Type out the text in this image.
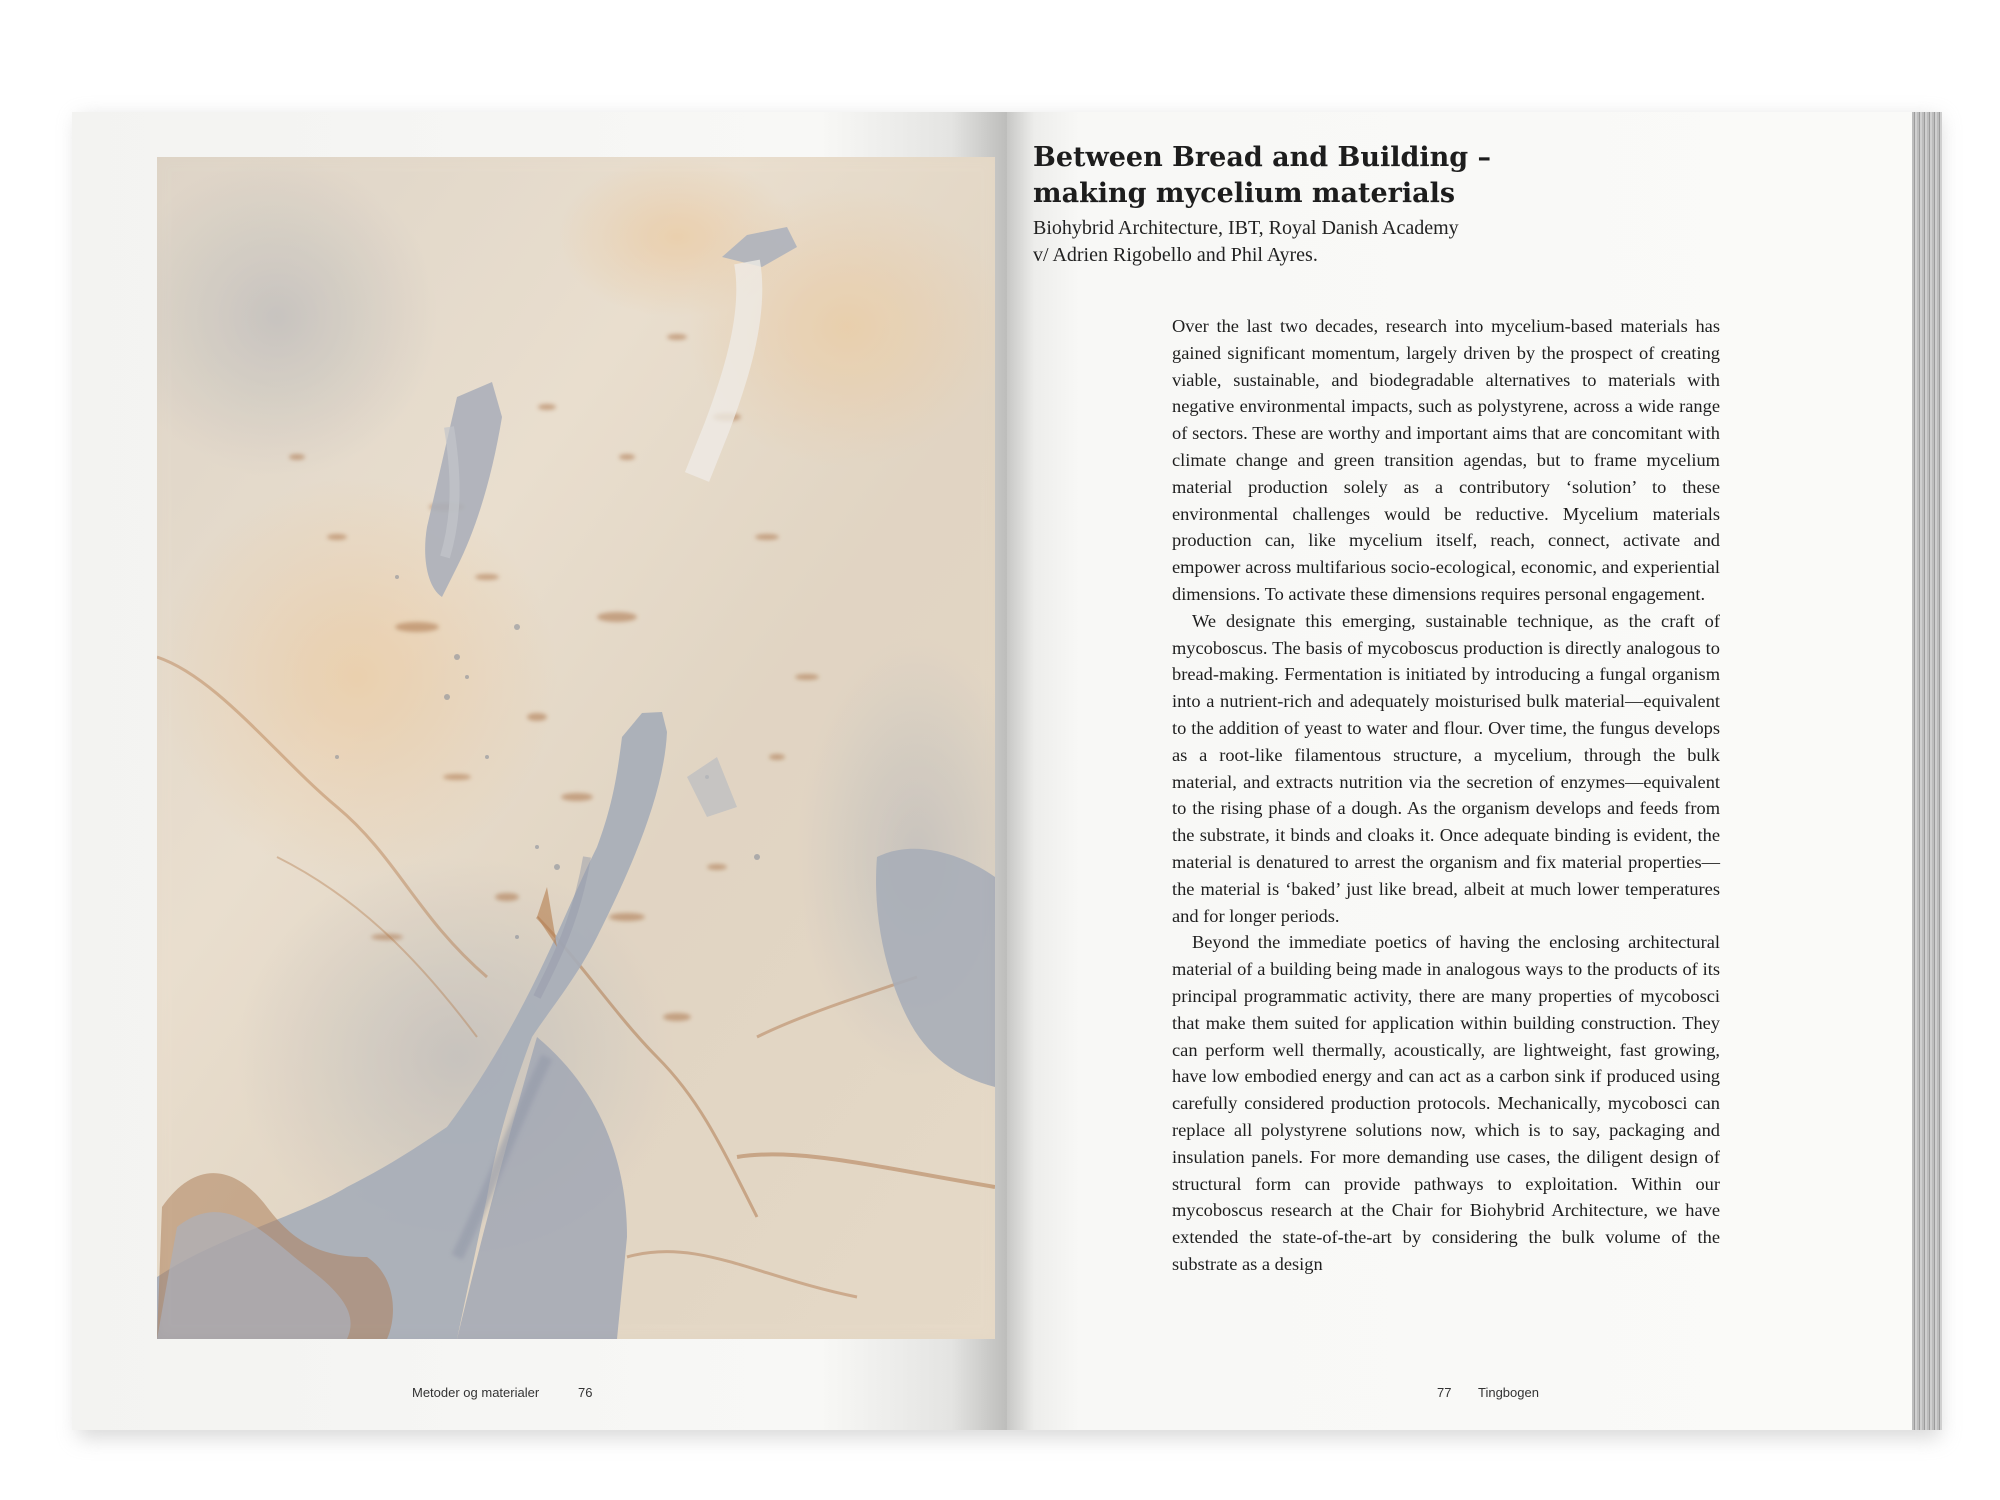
Metoder og materialer	76
Between Bread and Building –
making mycelium materials
Biohybrid Architecture, IBT, Royal Danish Academy
v/ Adrien Rigobello and Phil Ayres.

Over the last two decades, research into mycelium-based materials has gained significant momentum, largely driven by the prospect of creating viable, sustainable, and biodegradable alternatives to materials with negative environmental impacts, such as polystyrene, across a wide range of sectors. These are worthy and important aims that are concomitant with climate change and green transition agendas, but to frame mycelium material production solely as a contributory ‘solution’ to these environmental challenges would be reductive. Mycelium materials production can, like mycelium itself, reach, connect, activate and empower across multifarious socio-ecological, economic, and experiential dimensions. To activate these dimensions requires personal engagement.

We designate this emerging, sustainable technique, as the craft of mycoboscus. The basis of mycoboscus production is directly analogous to bread-making. Fermentation is initiated by introducing a fungal organism into a nutrient-rich and adequately moisturised bulk material—equivalent to the addition of yeast to water and flour. Over time, the fungus develops as a root-like filamentous structure, a mycelium, through the bulk material, and extracts nutrition via the secretion of enzymes—equivalent to the rising phase of a dough. As the organism develops and feeds from the substrate, it binds and cloaks it. Once adequate binding is evident, the material is denatured to arrest the organism and fix material properties—the material is ‘baked’ just like bread, albeit at much lower temperatures and for longer periods.

Beyond the immediate poetics of having the enclosing architectural material of a building being made in analogous ways to the products of its principal programmatic activity, there are many properties of mycobosci that make them suited for application within building construction. They can perform well thermally, acoustically, are lightweight, fast growing, have low embodied energy and can act as a carbon sink if produced using carefully considered production protocols. Mechanically, mycobosci can replace all polystyrene solutions now, which is to say, packaging and insulation panels. For more demanding use cases, the diligent design of structural form can provide pathways to exploitation. Within our mycoboscus research at the Chair for Biohybrid Architecture, we have extended the state-of-the-art by considering the bulk volume of the substrate as a design

77 Tingbogen
